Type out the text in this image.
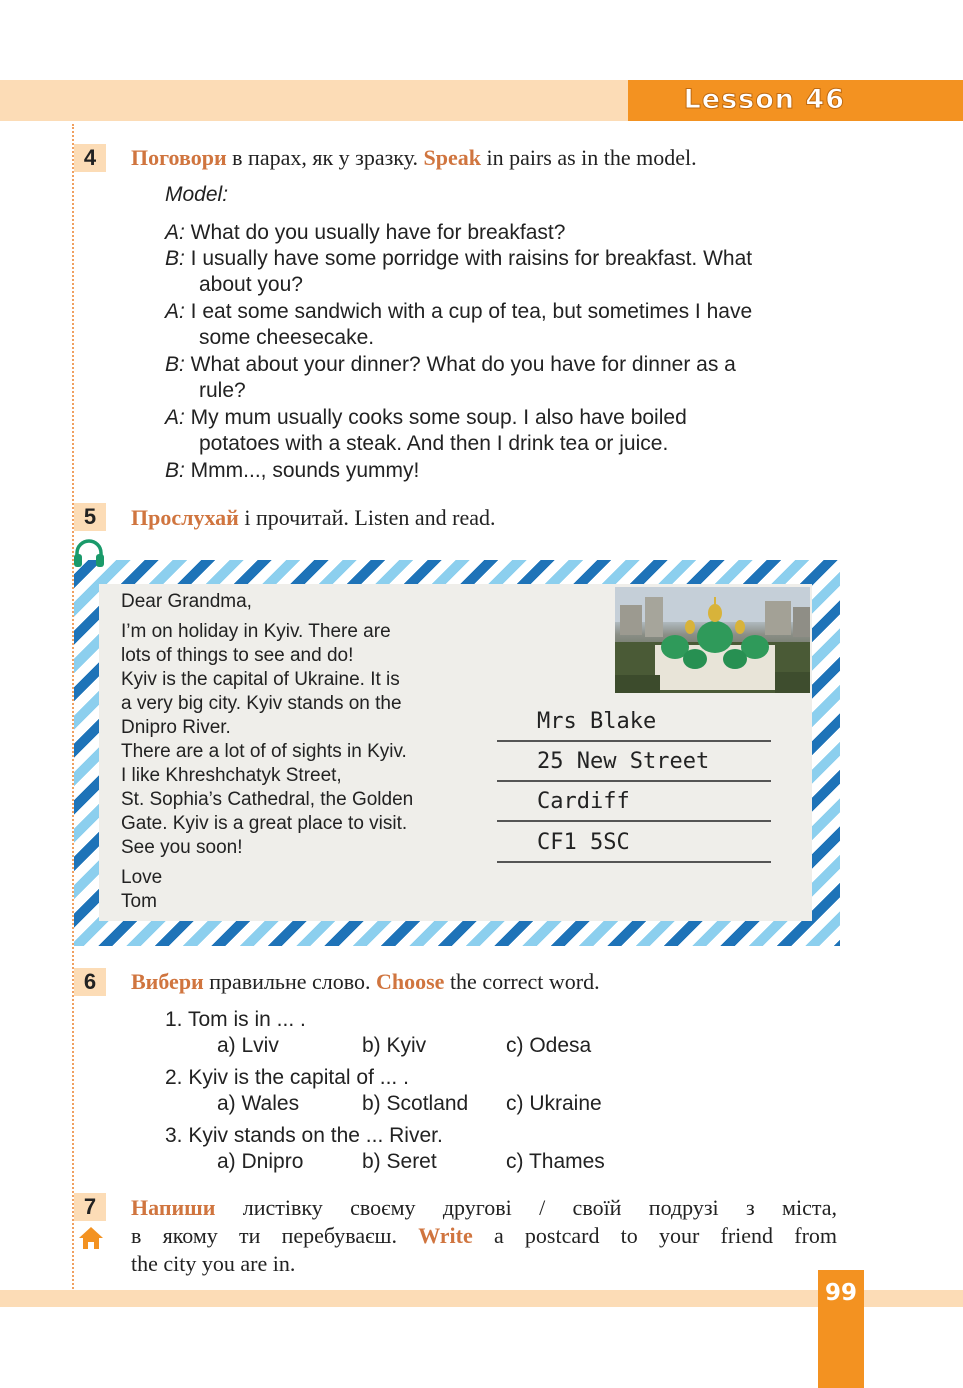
Lesson 46
4	Поговори в парах, як у зразку. Speak in pairs as in the model.
Model:
A: What do you usually have for breakfast?
B: I usually have some porridge with raisins for breakfast. What
about you?
A: I eat some sandwich with a cup of tea, but sometimes I have
some cheesecake.
B: What about your dinner? What do you have for dinner as a
rule?
A: My mum usually cooks some soup. I also have boiled
potatoes with a steak. And then I drink tea or juice.
B: Mmm..., sounds yummy!
5	Прослухай і прочитай. Listen and read.
Dear Grandma,
I’m on holiday in Kyiv. There are
lots of things to see and do!
Kyiv is the capital of Ukraine. It is
a very big city. Kyiv stands on the
Dnipro River.
There are a lot of of sights in Kyiv.
I like Khreshchatyk Street,
St. Sophia’s Cathedral, the Golden
Gate. Kyiv is a great place to visit.
See you soon!
Love
Tom
Mrs Blake
25 New Street
Cardiff
CF1 5SC
6	Вибери правильне слово. Choose the correct word.
1. Tom is in ... .
a) Lviv	b) Kyiv	c) Odesa
2. Kyiv is the capital of ... .
a) Wales	b) Scotland c) Ukraine
3. Kyiv stands on the ... River.
a) Dnipro	b) Seret	c) Thames
7	Напиши листівку своєму другові / своїй подрузі з міста,
в якому ти перебуваєш. Write a postcard to your friend from
the city you are in.
99
